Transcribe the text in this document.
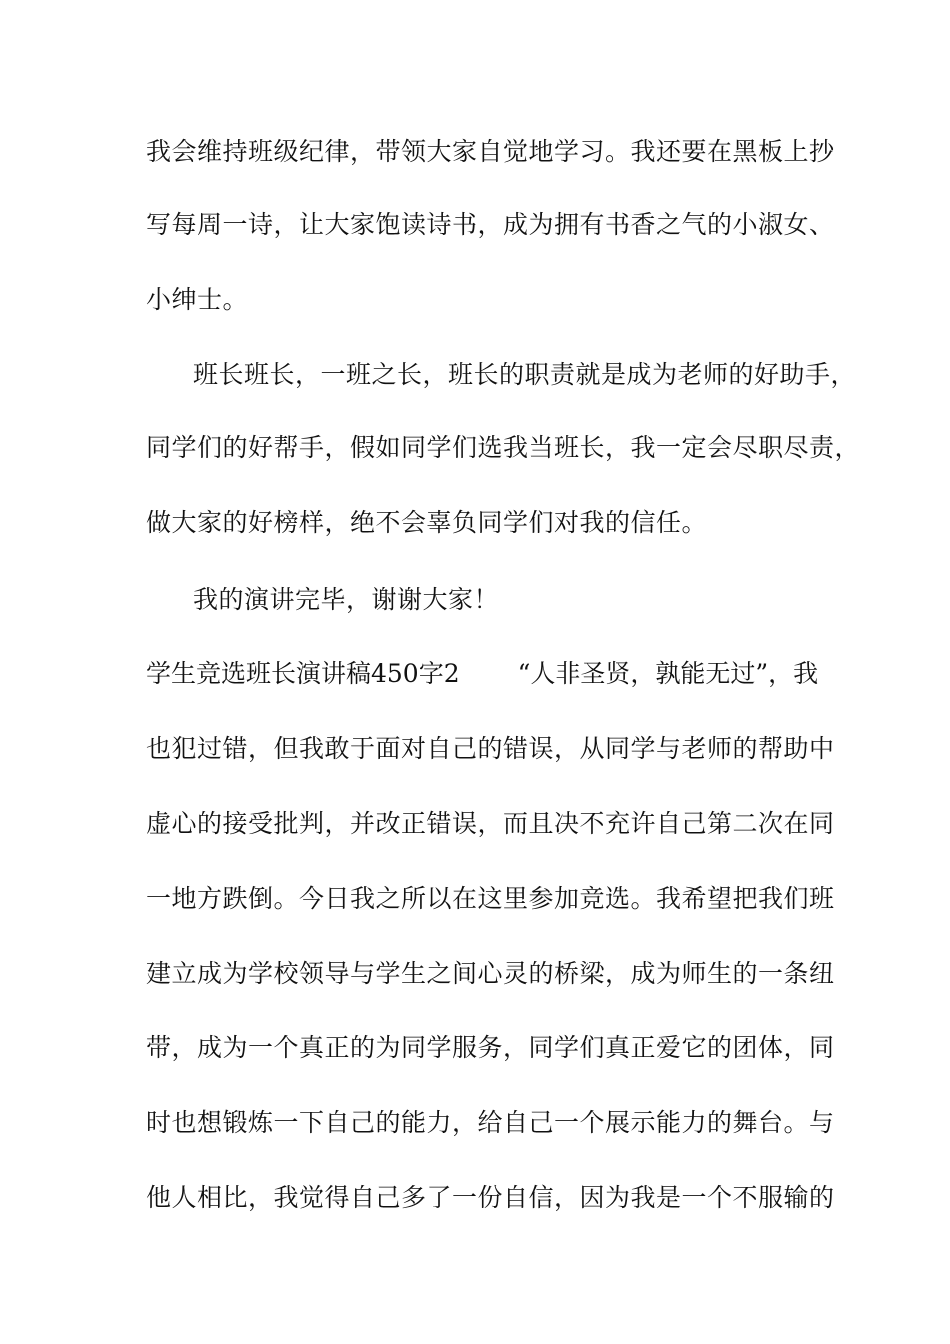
我会维持班级纪律，带领大家自觉地学习。我还要在黑板上抄
写每周一诗，让大家饱读诗书，成为拥有书香之气的小淑女、
小绅士。
班长班长，一班之长，班长的职责就是成为老师的好助手，
同学们的好帮手，假如同学们选我当班长，我一定会尽职尽责，
做大家的好榜样，绝不会辜负同学们对我的信任。
我的演讲完毕，谢谢大家！
学生竞选班长演讲稿450字2 “人非圣贤，孰能无过”，我
也犯过错，但我敢于面对自己的错误，从同学与老师的帮助中
虚心的接受批判，并改正错误，而且决不充许自己第二次在同
一地方跌倒。今日我之所以在这里参加竞选。我希望把我们班
建立成为学校领导与学生之间心灵的桥梁，成为师生的一条纽
带，成为一个真正的为同学服务，同学们真正爱它的团体，同
时也想锻炼一下自己的能力，给自己一个展示能力的舞台。与
他人相比，我觉得自己多了一份自信，因为我是一个不服输的
